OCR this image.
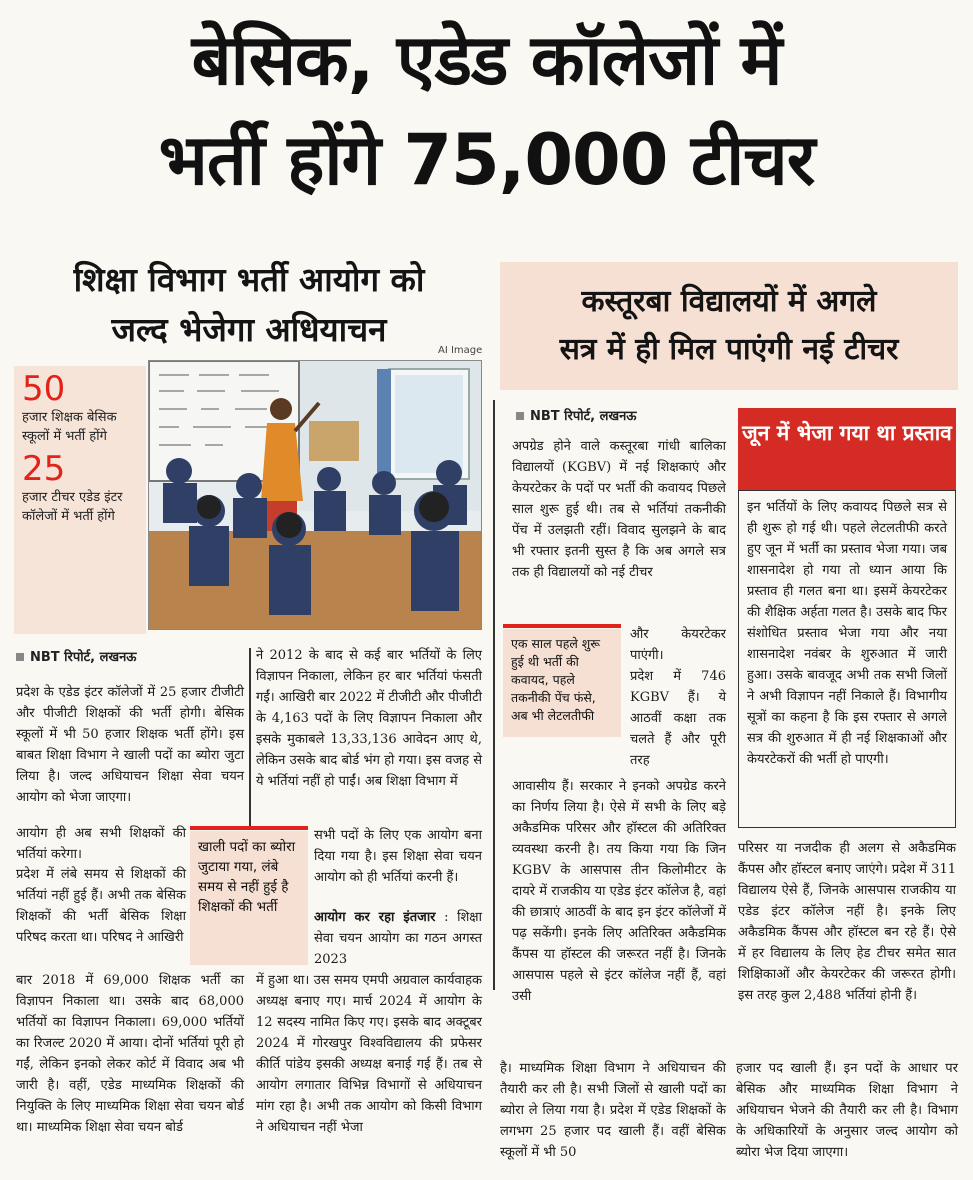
बेसिक, एडेड कॉलेजों में
भर्ती होंगे 75,000 टीचर
शिक्षा विभाग भर्ती आयोग को
जल्द भेजेगा अधियाचन
कस्तूरबा विद्यालयों में अगले
सत्र में ही मिल पाएंगी नई टीचर
AI Image
50
हजार शिक्षक बेसिक स्कूलों में भर्ती होंगे
25
हजार टीचर एडेड इंटर कॉलेजों में भर्ती होंगे
NBT रिपोर्ट, लखनऊ

प्रदेश के एडेड इंटर कॉलेजों में 25 हजार टीजीटी और पीजीटी शिक्षकों की भर्ती होगी। बेसिक स्कूलों में भी 50 हजार शिक्षक भर्ती होंगे। इस बाबत शिक्षा विभाग ने खाली पदों का ब्योरा जुटा लिया है। जल्द अधियाचन शिक्षा सेवा चयन आयोग को भेजा जाएगा।

आयोग ही अब सभी शिक्षकों की भर्तियां करेगा।

प्रदेश में लंबे समय से शिक्षकों की भर्तियां नहीं हुई हैं। अभी तक बेसिक शिक्षकों की भर्ती बेसिक शिक्षा परिषद करता था। परिषद ने आखिरी

बार 2018 में 69,000 शिक्षक भर्ती का विज्ञापन निकाला था। उसके बाद 68,000 भर्तियों का विज्ञापन निकाला। 69,000 भर्तियों का रिजल्ट 2020 में आया। दोनों भर्तियां पूरी हो गईं, लेकिन इनको लेकर कोर्ट में विवाद अब भी जारी है। वहीं, एडेड माध्यमिक शिक्षकों की नियुक्ति के लिए माध्यमिक शिक्षा सेवा चयन बोर्ड था। माध्यमिक शिक्षा सेवा चयन बोर्ड

ने 2012 के बाद से कई बार भर्तियों के लिए विज्ञापन निकाला, लेकिन हर बार भर्तियां फंसती गईं। आखिरी बार 2022 में टीजीटी और पीजीटी के 4,163 पदों के लिए विज्ञापन निकाला और इसके मुकाबले 13,33,136 आवेदन आए थे, लेकिन उसके बाद बोर्ड भंग हो गया। इस वजह से ये भर्तियां नहीं हो पाईं। अब शिक्षा विभाग में

खाली पदों का ब्योरा जुटाया गया, लंबे समय से नहीं हुई है शिक्षकों की भर्ती

सभी पदों के लिए एक आयोग बना दिया गया है। इस शिक्षा सेवा चयन आयोग को ही भर्तियां करनी हैं।

आयोग कर रहा इंतजार : शिक्षा सेवा चयन आयोग का गठन अगस्त 2023

में हुआ था। उस समय एमपी अग्रवाल कार्यवाहक अध्यक्ष बनाए गए। मार्च 2024 में आयोग के 12 सदस्य नामित किए गए। इसके बाद अक्टूबर 2024 में गोरखपुर विश्वविद्यालय की प्रफेसर कीर्ति पांडेय इसकी अध्यक्ष बनाई गई हैं। तब से आयोग लगातार विभिन्न विभागों से अधियाचन मांग रहा है। अभी तक आयोग को किसी विभाग ने अधियाचन नहीं भेजा

NBT रिपोर्ट, लखनऊ

अपग्रेड होने वाले कस्तूरबा गांधी बालिका विद्यालयों (KGBV) में नई शिक्षकाएं और केयरटेकर के पदों पर भर्ती की कवायद पिछले साल शुरू हुई थी। तब से भर्तियां तकनीकी पेंच में उलझती रहीं। विवाद सुलझने के बाद भी रफ्तार इतनी सुस्त है कि अब अगले सत्र तक ही विद्यालयों को नई टीचर

एक साल पहले शुरू हुई थी भर्ती की कवायद, पहले तकनीकी पेंच फंसे, अब भी लेटलतीफी

और केयरटेकर पाएंगी।

प्रदेश में 746 KGBV हैं। ये आठवीं कक्षा तक चलते हैं और पूरी तरह

आवासीय हैं। सरकार ने इनको अपग्रेड करने का निर्णय लिया है। ऐसे में सभी के लिए बड़े अकैडमिक परिसर और हॉस्टल की अतिरिक्त व्यवस्था करनी है। तय किया गया कि जिन KGBV के आसपास तीन किलोमीटर के दायरे में राजकीय या एडेड इंटर कॉलेज है, वहां की छात्राएं आठवीं के बाद इन इंटर कॉलेजों में पढ़ सकेंगी। इनके लिए अतिरिक्त अकैडमिक कैंपस या हॉस्टल की जरूरत नहीं है। जिनके आसपास पहले से इंटर कॉलेज नहीं हैं, वहां उसी

जून में भेजा गया था प्रस्ताव

इन भर्तियों के लिए कवायद पिछले सत्र से ही शुरू हो गई थी। पहले लेटलतीफी करते हुए जून में भर्ती का प्रस्ताव भेजा गया। जब शासनादेश हो गया तो ध्यान आया कि प्रस्ताव ही गलत बना था। इसमें केयरटेकर की शैक्षिक अर्हता गलत है। उसके बाद फिर संशोधित प्रस्ताव भेजा गया और नया शासनादेश नवंबर के शुरुआत में जारी हुआ। उसके बावजूद अभी तक सभी जिलों ने अभी विज्ञापन नहीं निकाले हैं। विभागीय सूत्रों का कहना है कि इस रफ्तार से अगले सत्र की शुरुआत में ही नई शिक्षकाओं और केयरटेकरों की भर्ती हो पाएगी।

परिसर या नजदीक ही अलग से अकैडमिक कैंपस और हॉस्टल बनाए जाएंगे। प्रदेश में 311 विद्यालय ऐसे हैं, जिनके आसपास राजकीय या एडेड इंटर कॉलेज नहीं है। इनके लिए अकैडमिक कैंपस और हॉस्टल बन रहे हैं। ऐसे में हर विद्यालय के लिए हेड टीचर समेत सात शिक्षिकाओं और केयरटेकर की जरूरत होगी। इस तरह कुल 2,488 भर्तियां होनी हैं।

है। माध्यमिक शिक्षा विभाग ने अधियाचन की तैयारी कर ली है। सभी जिलों से खाली पदों का ब्योरा ले लिया गया है। प्रदेश में एडेड शिक्षकों के लगभग 25 हजार पद खाली हैं। वहीं बेसिक स्कूलों में भी 50

हजार पद खाली हैं। इन पदों के आधार पर बेसिक और माध्यमिक शिक्षा विभाग ने अधियाचन भेजने की तैयारी कर ली है। विभाग के अधिकारियों के अनुसार जल्द आयोग को ब्योरा भेज दिया जाएगा।
